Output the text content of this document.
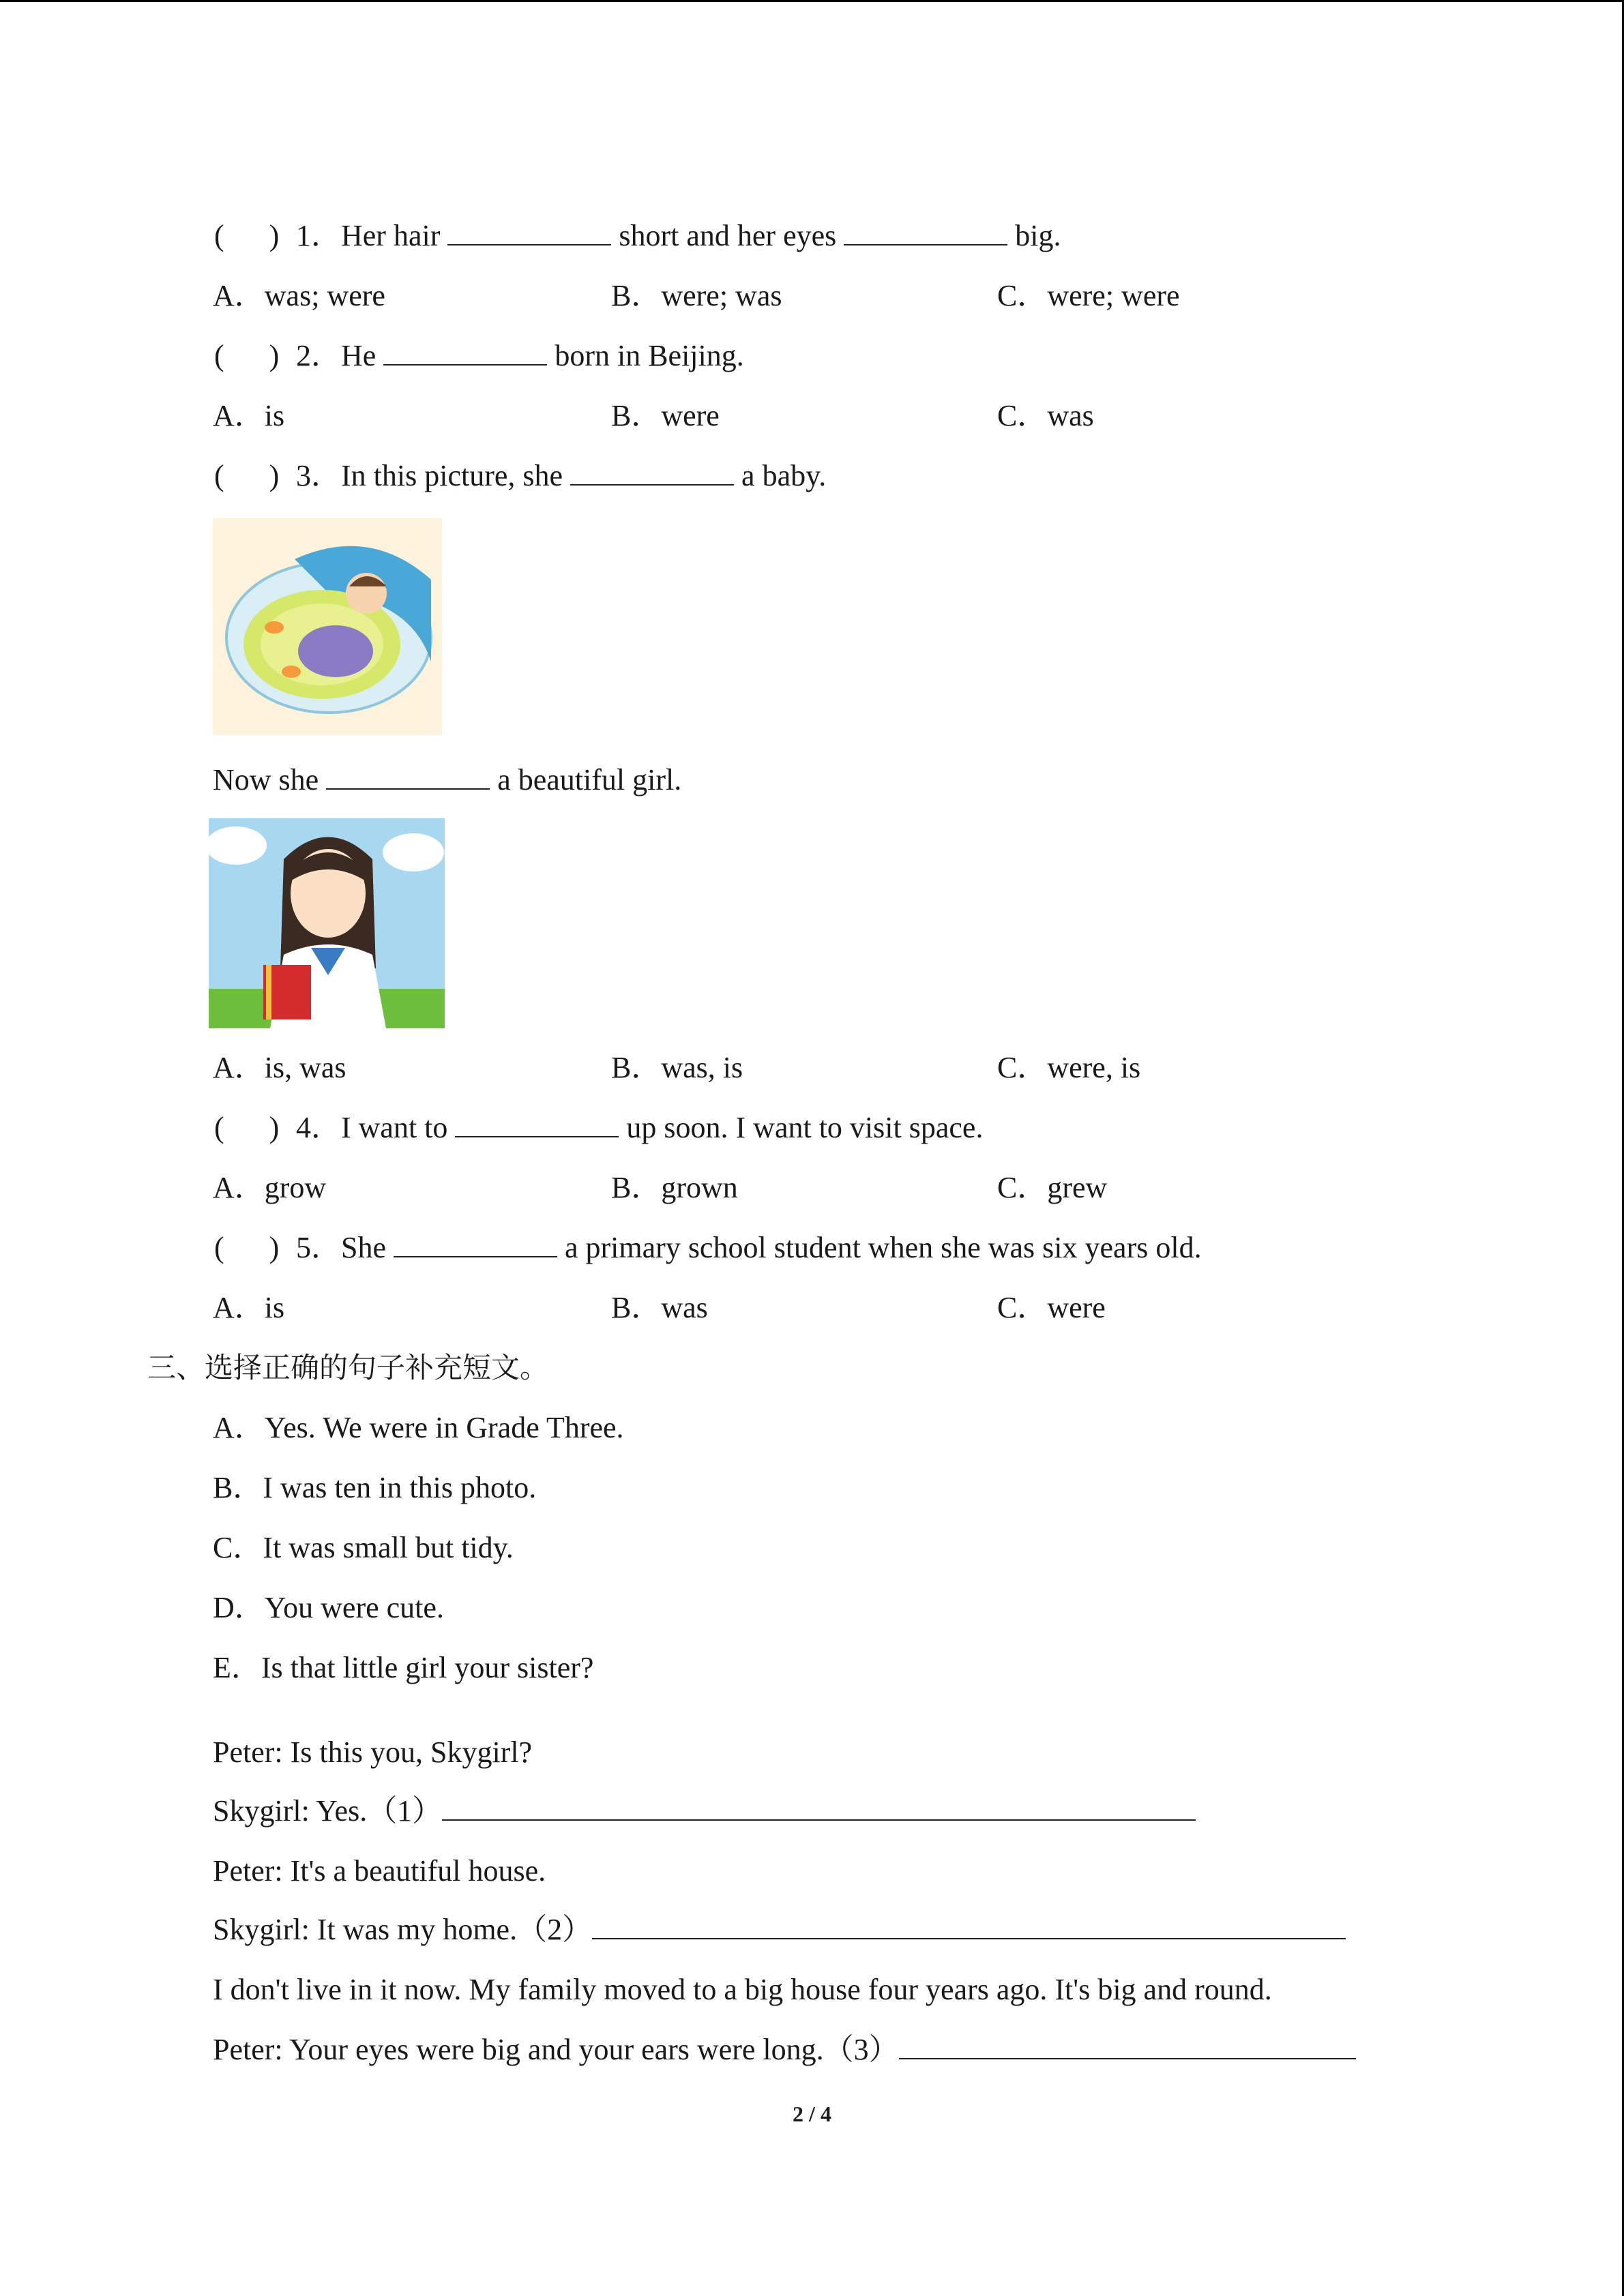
(      ) 1．Her hair	short and her eyes	big.
A．was; were	B．were; was	C．were; were
(      ) 2．He	born in Beijing.
A．is	B．were	C．was
(      ) 3．In this picture, she	a baby.
Now she	a beautiful girl.
A．is, was	B．was, is	C．were, is
(      ) 4．I want to	up soon. I want to visit space.
A．grow	B．grown	C．grew
(      ) 5．She	a primary school student when she was six years old.
A．is	B．was	C．were
三、选择正确的句子补充短文。
A．Yes. We were in Grade Three.
B．I was ten in this photo.
C．It was small but tidy.
D．You were cute.
E．Is that little girl your sister?
Peter: Is this you, Skygirl?
Skygirl: Yes.（1）
Peter: It's a beautiful house.
Skygirl: It was my home.（2）
I don't live in it now. My family moved to a big house four years ago. It's big and round.
Peter: Your eyes were big and your ears were long.（3）
2 / 4
